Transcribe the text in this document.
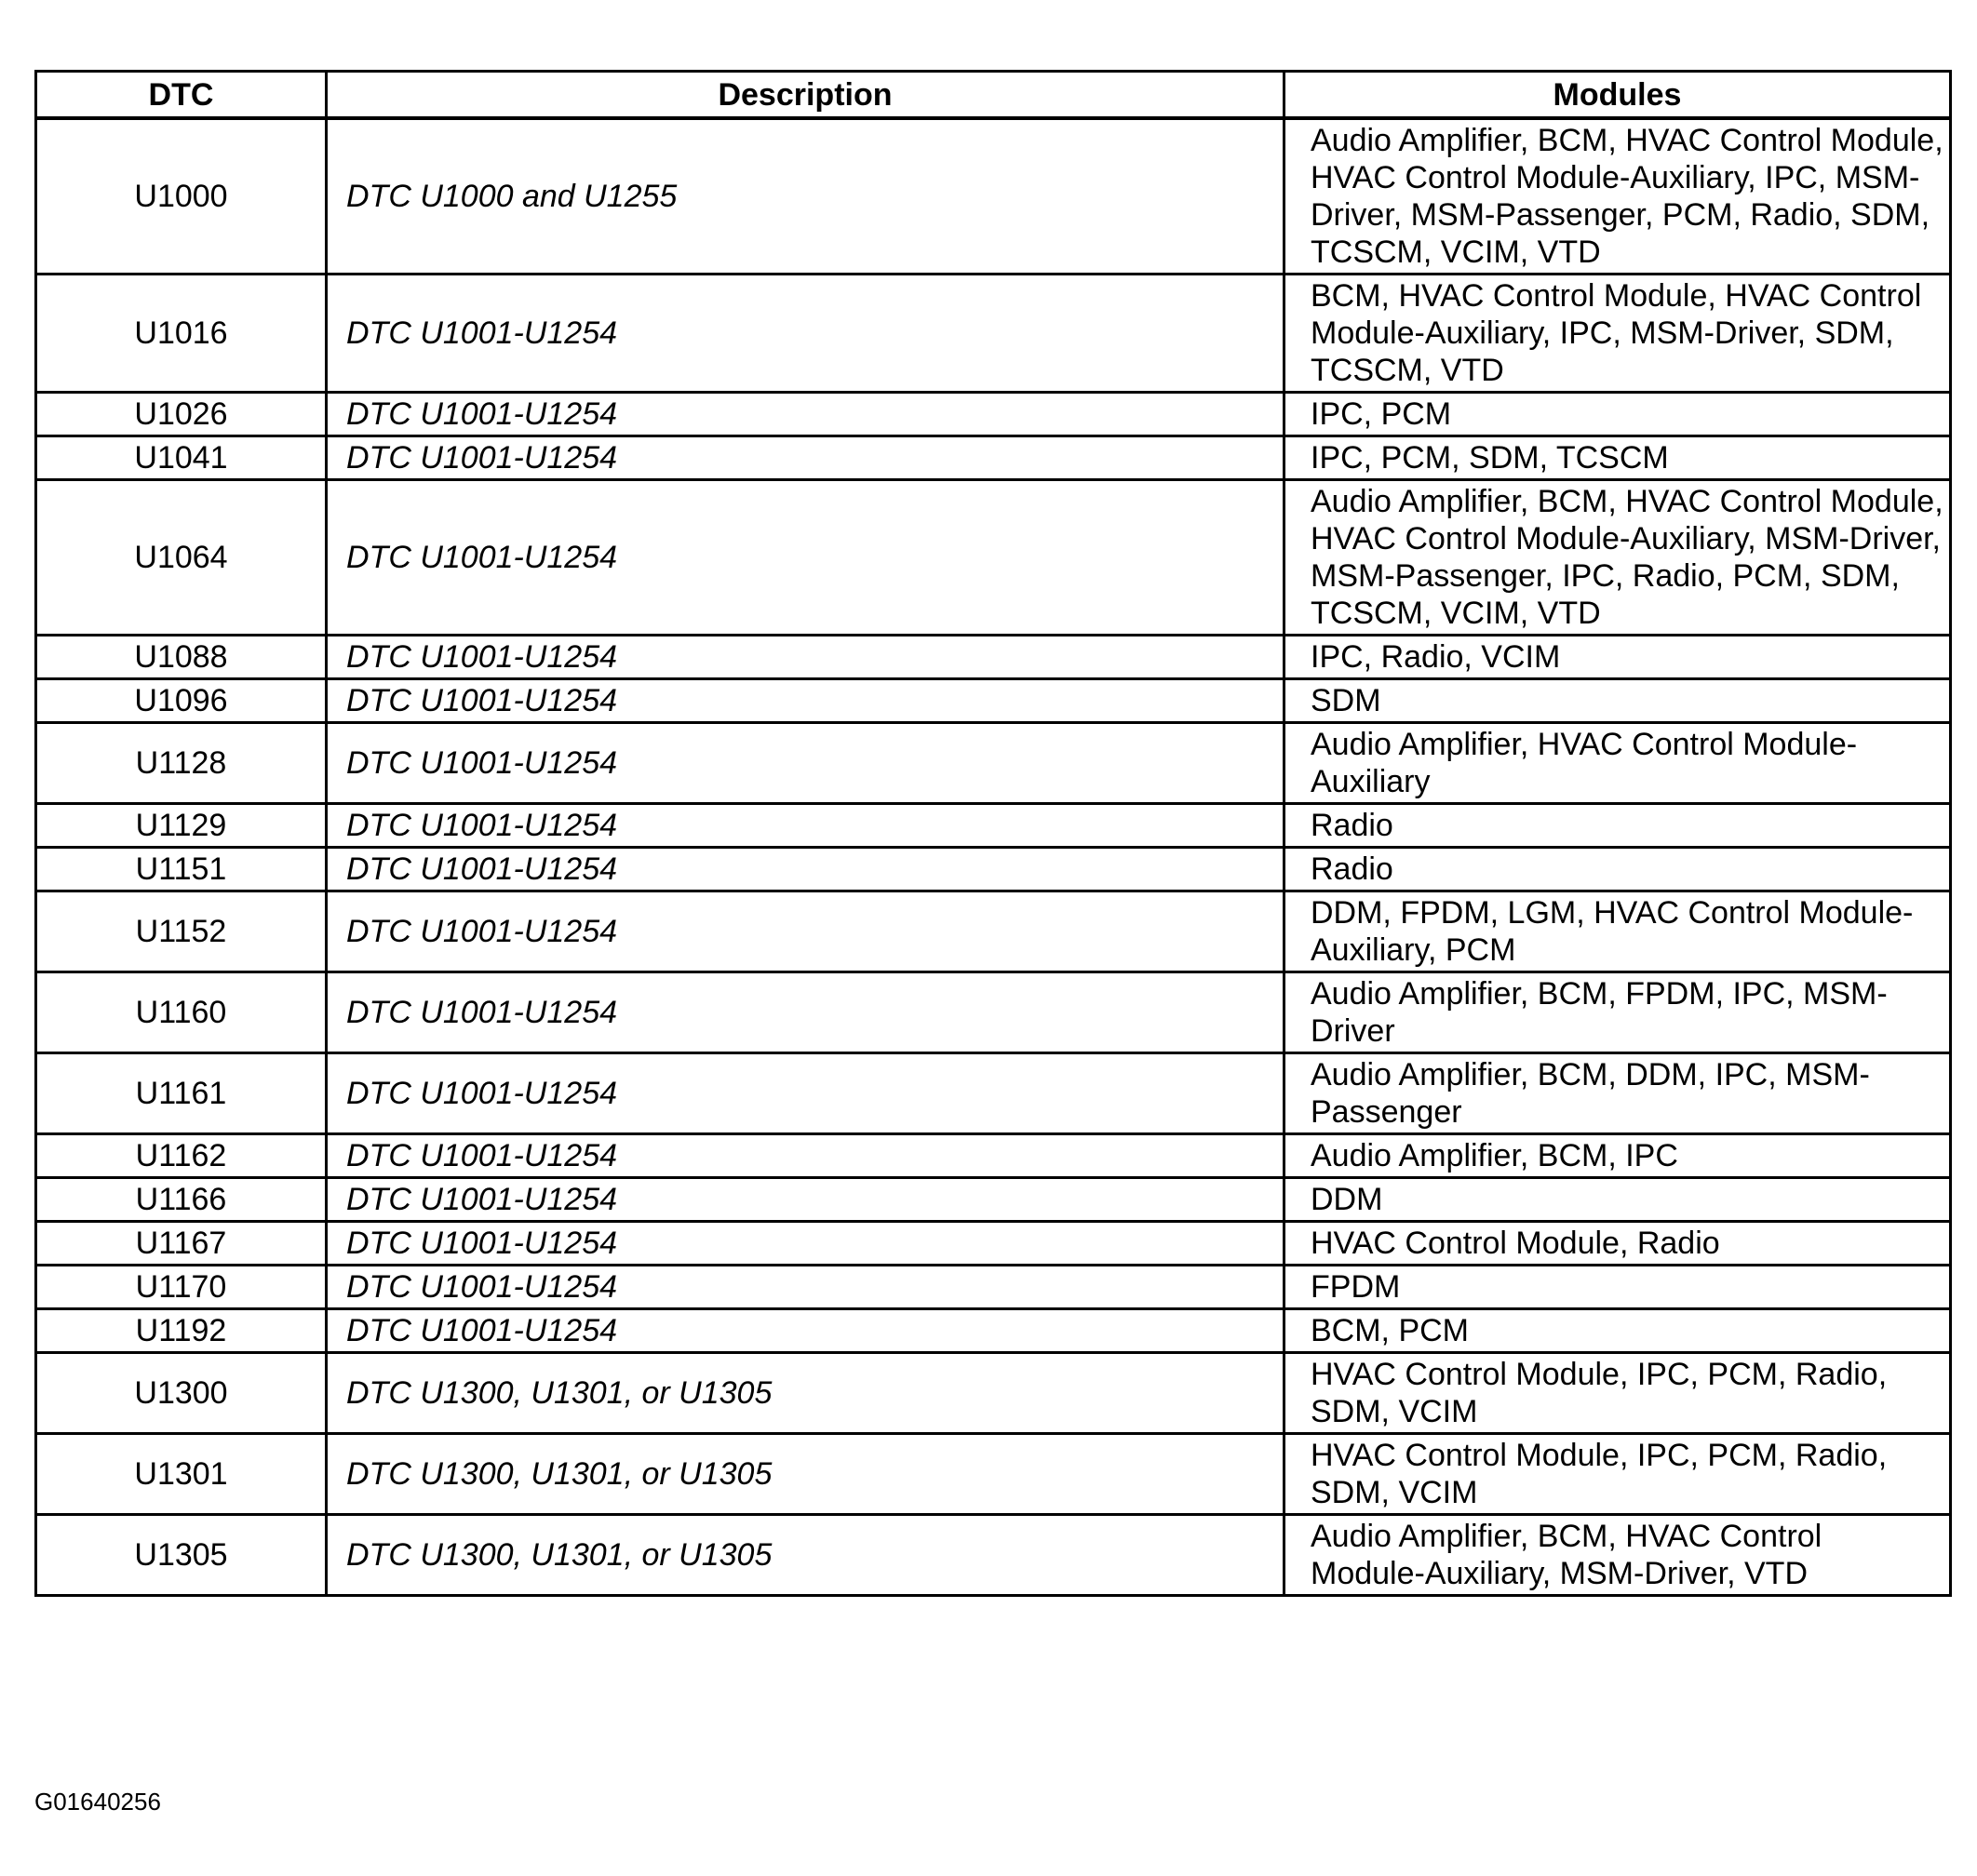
DTC	Description	Modules
U1000	DTC U1000 and U1255	Audio Amplifier, BCM, HVAC Control Module, HVAC Control Module-Auxiliary, IPC, MSM-Driver, MSM-Passenger, PCM, Radio, SDM, TCSCM, VCIM, VTD
U1016	DTC U1001-U1254	BCM, HVAC Control Module, HVAC Control Module-Auxiliary, IPC, MSM-Driver, SDM, TCSCM, VTD
U1026	DTC U1001-U1254	IPC, PCM
U1041	DTC U1001-U1254	IPC, PCM, SDM, TCSCM
U1064	DTC U1001-U1254	Audio Amplifier, BCM, HVAC Control Module, HVAC Control Module-Auxiliary, MSM-Driver, MSM-Passenger, IPC, Radio, PCM, SDM, TCSCM, VCIM, VTD
U1088	DTC U1001-U1254	IPC, Radio, VCIM
U1096	DTC U1001-U1254	SDM
U1128	DTC U1001-U1254	Audio Amplifier, HVAC Control Module-Auxiliary
U1129	DTC U1001-U1254	Radio
U1151	DTC U1001-U1254	Radio
U1152	DTC U1001-U1254	DDM, FPDM, LGM, HVAC Control Module-Auxiliary, PCM
U1160	DTC U1001-U1254	Audio Amplifier, BCM, FPDM, IPC, MSM-Driver
U1161	DTC U1001-U1254	Audio Amplifier, BCM, DDM, IPC, MSM-Passenger
U1162	DTC U1001-U1254	Audio Amplifier, BCM, IPC
U1166	DTC U1001-U1254	DDM
U1167	DTC U1001-U1254	HVAC Control Module, Radio
U1170	DTC U1001-U1254	FPDM
U1192	DTC U1001-U1254	BCM, PCM
U1300	DTC U1300, U1301, or U1305	HVAC Control Module, IPC, PCM, Radio, SDM, VCIM
U1301	DTC U1300, U1301, or U1305	HVAC Control Module, IPC, PCM, Radio, SDM, VCIM
U1305	DTC U1300, U1301, or U1305	Audio Amplifier, BCM, HVAC Control Module-Auxiliary, MSM-Driver, VTD
G01640256
